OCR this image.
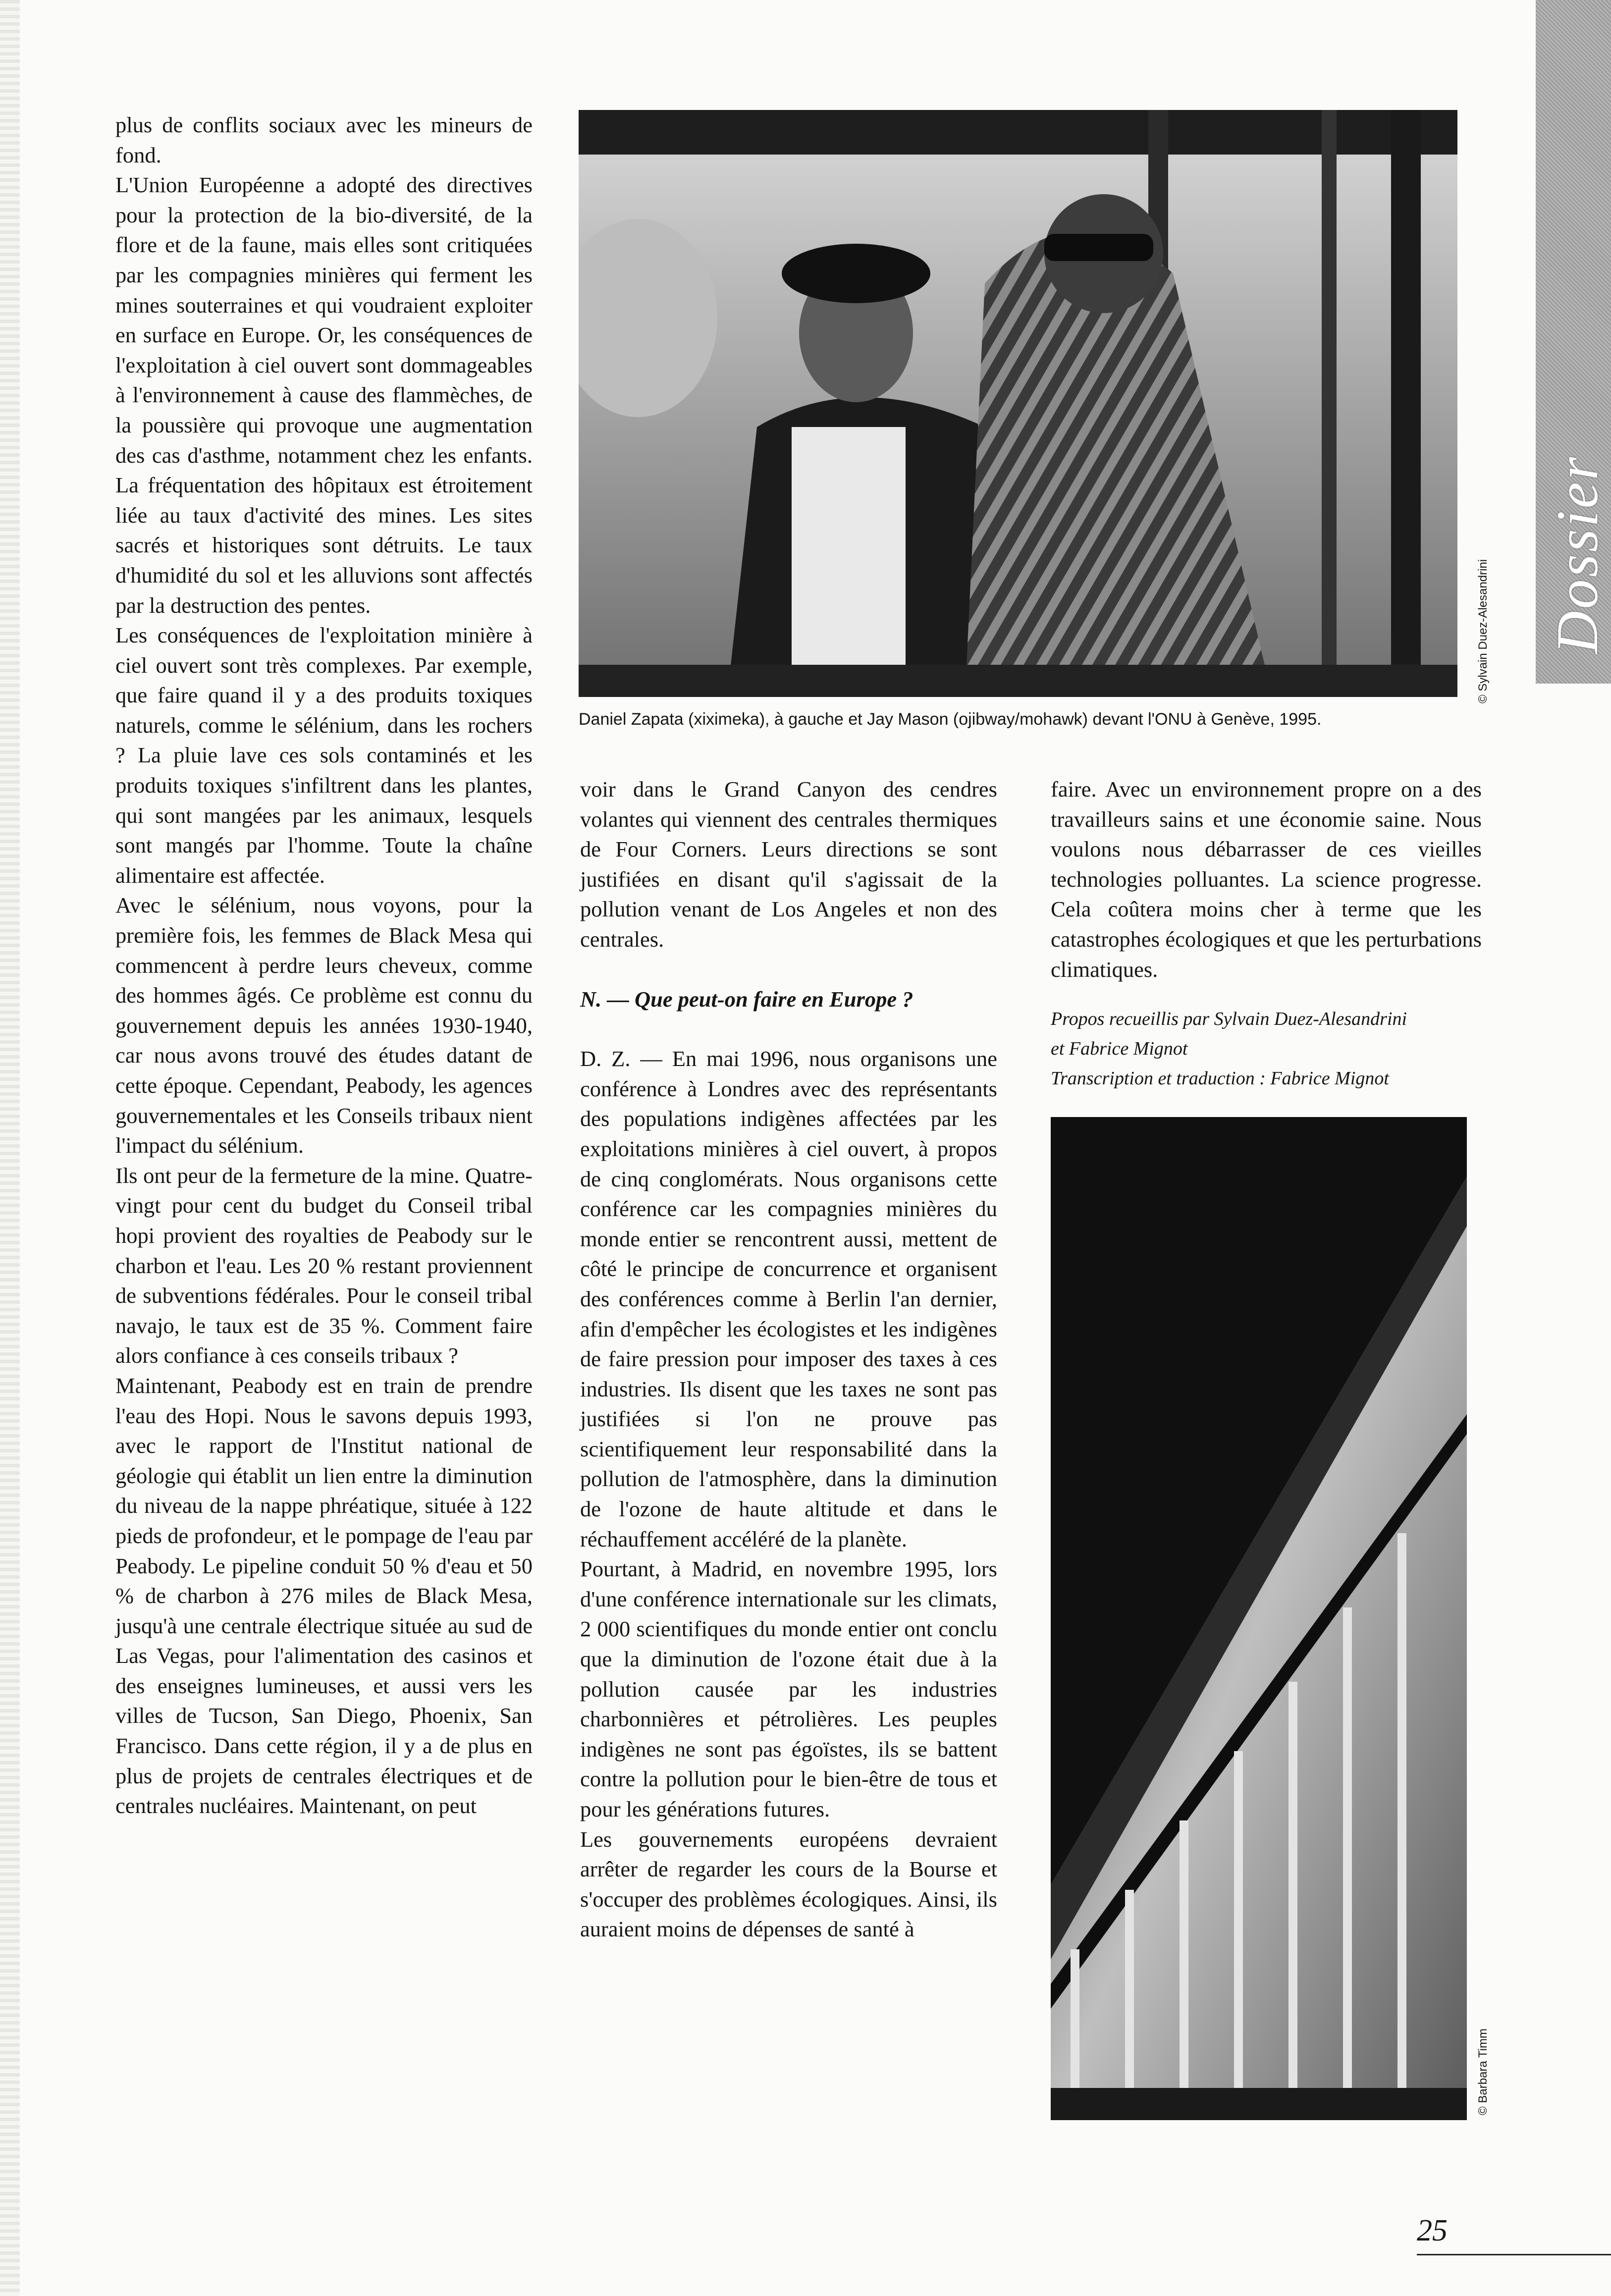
Dossier

plus de conflits sociaux avec les mineurs de fond.

L'Union Européenne a adopté des directives pour la protection de la bio-diversité, de la flore et de la faune, mais elles sont critiquées par les compagnies minières qui ferment les mines souterraines et qui voudraient exploiter en surface en Europe. Or, les conséquences de l'exploitation à ciel ouvert sont dommageables à l'environnement à cause des flammèches, de la poussière qui provoque une augmentation des cas d'asthme, notamment chez les enfants. La fréquentation des hôpitaux est étroitement liée au taux d'activité des mines. Les sites sacrés et historiques sont détruits. Le taux d'humidité du sol et les alluvions sont affectés par la destruction des pentes.

Les conséquences de l'exploitation minière à ciel ouvert sont très complexes. Par exemple, que faire quand il y a des produits toxiques naturels, comme le sélénium, dans les rochers ? La pluie lave ces sols contaminés et les produits toxiques s'infiltrent dans les plantes, qui sont mangées par les animaux, lesquels sont mangés par l'homme. Toute la chaîne alimentaire est affectée.

Avec le sélénium, nous voyons, pour la première fois, les femmes de Black Mesa qui commencent à perdre leurs cheveux, comme des hommes âgés. Ce problème est connu du gouvernement depuis les années 1930-1940, car nous avons trouvé des études datant de cette époque. Cependant, Peabody, les agences gouvernementales et les Conseils tribaux nient l'impact du sélénium.

Ils ont peur de la fermeture de la mine. Quatre-vingt pour cent du budget du Conseil tribal hopi provient des royalties de Peabody sur le charbon et l'eau. Les 20 % restant proviennent de subventions fédérales. Pour le conseil tribal navajo, le taux est de 35 %. Comment faire alors confiance à ces conseils tribaux ?

Maintenant, Peabody est en train de prendre l'eau des Hopi. Nous le savons depuis 1993, avec le rapport de l'Institut national de géologie qui établit un lien entre la diminution du niveau de la nappe phréatique, située à 122 pieds de profondeur, et le pompage de l'eau par Peabody. Le pipeline conduit 50 % d'eau et 50 % de charbon à 276 miles de Black Mesa, jusqu'à une centrale électrique située au sud de Las Vegas, pour l'alimentation des casinos et des enseignes lumineuses, et aussi vers les villes de Tucson, San Diego, Phoenix, San Francisco. Dans cette région, il y a de plus en plus de projets de centrales électriques et de centrales nucléaires. Maintenant, on peut

Daniel Zapata (xiximeka), à gauche et Jay Mason (ojibway/mohawk) devant l'ONU à Genève, 1995.
© Sylvain Duez-Alesandrini

voir dans le Grand Canyon des cendres volantes qui viennent des centrales thermiques de Four Corners. Leurs directions se sont justifiées en disant qu'il s'agissait de la pollution venant de Los Angeles et non des centrales.

N. — Que peut-on faire en Europe ?

D. Z. — En mai 1996, nous organisons une conférence à Londres avec des représentants des populations indigènes affectées par les exploitations minières à ciel ouvert, à propos de cinq conglomérats. Nous organisons cette conférence car les compagnies minières du monde entier se rencontrent aussi, mettent de côté le principe de concurrence et organisent des conférences comme à Berlin l'an dernier, afin d'empêcher les écologistes et les indigènes de faire pression pour imposer des taxes à ces industries. Ils disent que les taxes ne sont pas justifiées si l'on ne prouve pas scientifiquement leur responsabilité dans la pollution de l'atmosphère, dans la diminution de l'ozone de haute altitude et dans le réchauffement accéléré de la planète.

Pourtant, à Madrid, en novembre 1995, lors d'une conférence internationale sur les climats, 2 000 scientifiques du monde entier ont conclu que la diminution de l'ozone était due à la pollution causée par les industries charbonnières et pétrolières. Les peuples indigènes ne sont pas égoïstes, ils se battent contre la pollution pour le bien-être de tous et pour les générations futures.

Les gouvernements européens devraient arrêter de regarder les cours de la Bourse et s'occuper des problèmes écologiques. Ainsi, ils auraient moins de dépenses de santé à

faire. Avec un environnement propre on a des travailleurs sains et une économie saine. Nous voulons nous débarrasser de ces vieilles technologies polluantes. La science progresse. Cela coûtera moins cher à terme que les catastrophes écologiques et que les perturbations climatiques.

Propos recueillis par Sylvain Duez-Alesandrini
et Fabrice Mignot
Transcription et traduction : Fabrice Mignot
© Barbara Timm
25
